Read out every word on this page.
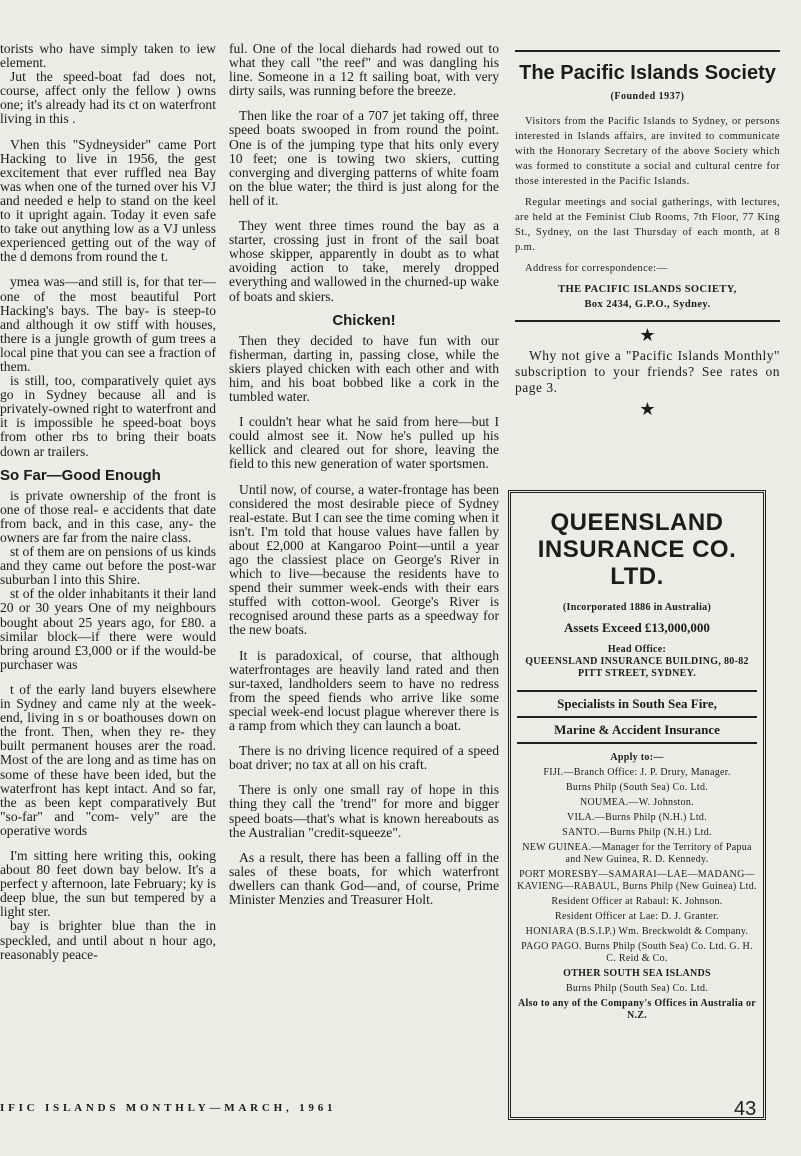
torists who have simply taken to iew element.

Jut the speed-boat fad does not, course, affect only the fellow ) owns one; it's already had its ct on waterfront living in this .

Vhen this "Sydneysider" came Port Hacking to live in 1956, the gest excitement that ever ruffled nea Bay was when one of the turned over his VJ and needed e help to stand on the keel to it upright again. Today it even safe to take out anything low as a VJ unless experienced getting out of the way of the d demons from round the t.

ymea was—and still is, for that ter—one of the most beautiful Port Hacking's bays. The bay- is steep-to and although it ow stiff with houses, there is a jungle growth of gum trees a local pine that you can see a fraction of them.

is still, too, comparatively quiet ays go in Sydney because all and is privately-owned right to waterfront and it is impossible he speed-boat boys from other rbs to bring their boats down ar trailers.

So Far—Good Enough

is private ownership of the front is one of those real- e accidents that date from back, and in this case, any- the owners are far from the naire class.

st of them are on pensions of us kinds and they came out before the post-war suburban l into this Shire.

st of the older inhabitants it their land 20 or 30 years One of my neighbours bought about 25 years ago, for £80. a similar block—if there were would bring around £3,000 or if the would-be purchaser was

t of the early land buyers elsewhere in Sydney and came nly at the week-end, living in s or boathouses down on the front. Then, when they re- they built permanent houses arer the road. Most of the are long and as time has on some of these have been ided, but the waterfront has kept intact. And so far, the as been kept comparatively But "so-far" and "com- vely" are the operative words

I'm sitting here writing this, ooking about 80 feet down bay below. It's a perfect y afternoon, late February; ky is deep blue, the sun but tempered by a light ster.

bay is brighter blue than the in speckled, and until about n hour ago, reasonably peace-

ful. One of the local diehards had rowed out to what they call "the reef" and was dangling his line. Someone in a 12 ft sailing boat, with very dirty sails, was running before the breeze.

Then like the roar of a 707 jet taking off, three speed boats swooped in from round the point. One is of the jumping type that hits only every 10 feet; one is towing two skiers, cutting converging and diverging patterns of white foam on the blue water; the third is just along for the hell of it.

They went three times round the bay as a starter, crossing just in front of the sail boat whose skipper, apparently in doubt as to what avoiding action to take, merely dropped everything and wallowed in the churned-up wake of boats and skiers.

Chicken!

Then they decided to have fun with our fisherman, darting in, passing close, while the skiers played chicken with each other and with him, and his boat bobbed like a cork in the tumbled water.

I couldn't hear what he said from here—but I could almost see it. Now he's pulled up his kellick and cleared out for shore, leaving the field to this new generation of water sportsmen.

Until now, of course, a water-frontage has been considered the most desirable piece of Sydney real-estate. But I can see the time coming when it isn't. I'm told that house values have fallen by about £2,000 at Kangaroo Point—until a year ago the classiest place on George's River in which to live—because the residents have to spend their summer week-ends with their ears stuffed with cotton-wool. George's River is recognised around these parts as a speedway for the new boats.

It is paradoxical, of course, that although waterfrontages are heavily land rated and then sur-taxed, landholders seem to have no redress from the speed fiends who arrive like some special week-end locust plague wherever there is a ramp from which they can launch a boat.

There is no driving licence required of a speed boat driver; no tax at all on his craft.

There is only one small ray of hope in this thing they call the 'trend" for more and bigger speed boats—that's what is known hereabouts as the Australian "credit-squeeze".

As a result, there has been a falling off in the sales of these boats, for which waterfront dwellers can thank God—and, of course, Prime Minister Menzies and Treasurer Holt.

The Pacific Islands Society
(Founded 1937)

Visitors from the Pacific Islands to Sydney, or persons interested in Islands affairs, are invited to communicate with the Honorary Secretary of the above Society which was formed to constitute a social and cultural centre for those interested in the Pacific Islands.

Regular meetings and social gatherings, with lectures, are held at the Feminist Club Rooms, 7th Floor, 77 King St., Sydney, on the last Thursday of each month, at 8 p.m.

Address for correspondence:—

THE PACIFIC ISLANDS SOCIETY,

Box 2434, G.P.O., Sydney.

★

Why not give a "Pacific Islands Monthly" subscription to your friends? See rates on page 3.

★
QUEENSLAND INSURANCE CO. LTD.

(Incorporated 1886 in Australia)

Assets Exceed £13,000,000

Head Office:

QUEENSLAND INSURANCE BUILDING, 80-82 PITT STREET, SYDNEY.

Specialists in South Sea Fire,

Marine & Accident Insurance

Apply to:—

FIJI.—Branch Office: J. P. Drury, Manager.

Burns Philp (South Sea) Co. Ltd.

NOUMEA.—W. Johnston.

VILA.—Burns Philp (N.H.) Ltd.

SANTO.—Burns Philp (N.H.) Ltd.

NEW GUINEA.—Manager for the Territory of Papua and New Guinea, R. D. Kennedy.

PORT MORESBY—SAMARAI—LAE—MADANG—KAVIENG—RABAUL, Burns Philp (New Guinea) Ltd.

Resident Officer at Rabaul: K. Johnson.

Resident Officer at Lae: D. J. Granter.

HONIARA (B.S.I.P.) Wm. Breckwoldt & Company.

PAGO PAGO. Burns Philp (South Sea) Co. Ltd. G. H. C. Reid & Co.

OTHER SOUTH SEA ISLANDS

Burns Philp (South Sea) Co. Ltd.

Also to any of the Company's Offices in Australia or N.Z.

IFIC ISLANDS MONTHLY—MARCH, 1961	43
